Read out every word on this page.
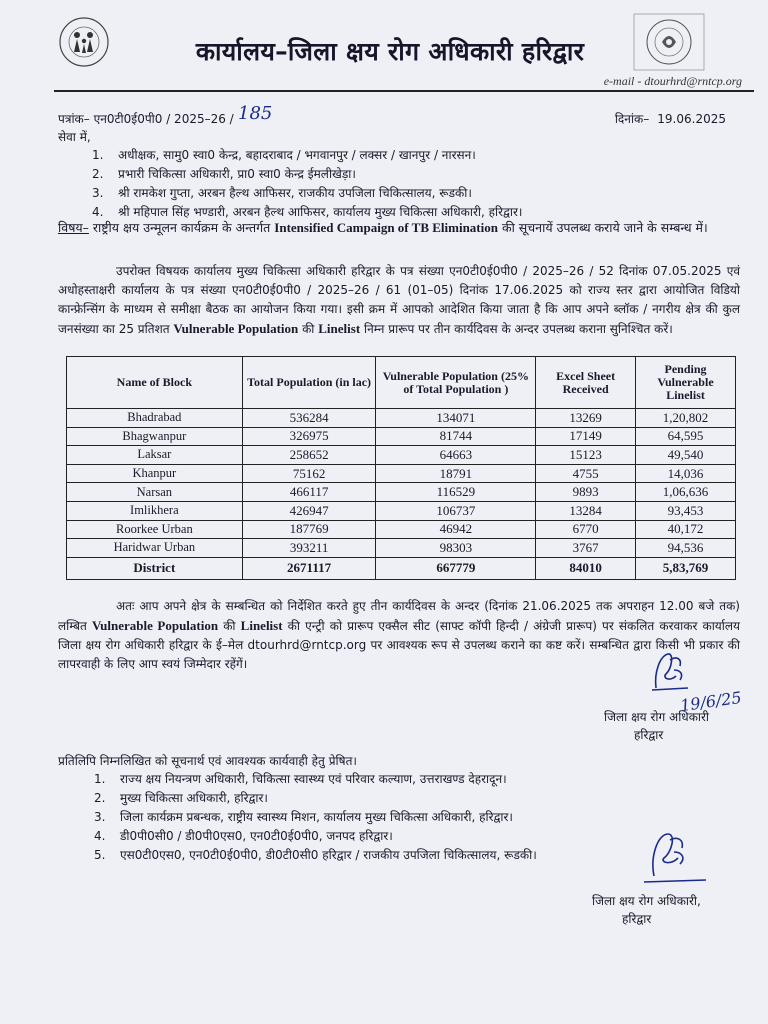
कार्यालय–जिला क्षय रोग अधिकारी हरिद्वार
e-mail - dtourhrd@rntcp.org
पत्रांक– एन0टी0ई0पी0 / 2025–26 / 185	दिनांक– 19.06.2025
सेवा में,
1. अधीक्षक, सामु0 स्वा0 केन्द्र, बहादराबाद / भगवानपुर / लक्सर / खानपुर / नारसन।
2. प्रभारी चिकित्सा अधिकारी, प्रा0 स्वा0 केन्द्र ईमलीखेड़ा।
3. श्री रामकेश गुप्ता, अरबन हैल्थ आफिसर, राजकीय उपजिला चिकित्सालय, रूडकी।
4. श्री महिपाल सिंह भण्डारी, अरबन हैल्थ आफिसर, कार्यालय मुख्य चिकित्सा अधिकारी, हरिद्वार।
विषय– राष्ट्रीय क्षय उन्मूलन कार्यक्रम के अन्तर्गत Intensified Campaign of TB Elimination की सूचनायें उपलब्ध कराये जाने के सम्बन्ध में।
उपरोक्त विषयक कार्यालय मुख्य चिकित्सा अधिकारी हरिद्वार के पत्र संख्या एन0टी0ई0पी0 / 2025–26 / 52 दिनांक 07.05.2025 एवं अधोहस्ताक्षरी कार्यालय के पत्र संख्या एन0टी0ई0पी0 / 2025–26 / 61 (01–05) दिनांक 17.06.2025 को राज्य स्तर द्वारा आयोजित विडियो कान्फ्रेन्सिंग के माध्यम से समीक्षा बैठक का आयोजन किया गया। इसी क्रम में आपको आदेशित किया जाता है कि आप अपने ब्लॉक / नगरीय क्षेत्र की कुल जनसंख्या का 25 प्रतिशत Vulnerable Population की Linelist निम्न प्रारूप पर तीन कार्यदिवस के अन्दर उपलब्ध कराना सुनिश्चित करें।
Name of Block	Total Population (in lac)	Vulnerable Population (25% of Total Population )	Excel Sheet Received	Pending Vulnerable Linelist
Bhadrabad	536284	134071	13269	1,20,802
Bhagwanpur	326975	81744	17149	64,595
Laksar	258652	64663	15123	49,540
Khanpur	75162	18791	4755	14,036
Narsan	466117	116529	9893	1,06,636
Imlikhera	426947	106737	13284	93,453
Roorkee Urban	187769	46942	6770	40,172
Haridwar Urban	393211	98303	3767	94,536
District	2671117	667779	84010	5,83,769
अतः आप अपने क्षेत्र के सम्बन्धित को निर्देशित करते हुए तीन कार्यदिवस के अन्दर (दिनांक 21.06.2025 तक अपराहन 12.00 बजे तक) लम्बित Vulnerable Population की Linelist की एन्ट्री को प्रारूप एक्सैल सीट (साफ्ट कॉपी हिन्दी / अंग्रेजी प्रारूप) पर संकलित करवाकर कार्यालय जिला क्षय रोग अधिकारी हरिद्वार के ई–मेल dtourhrd@rntcp.org पर आवश्यक रूप से उपलब्ध कराने का कष्ट करें। सम्बन्धित द्वारा किसी भी प्रकार की लापरवाही के लिए आप स्वयं जिम्मेदार रहेंगें।
19/6/25
जिला क्षय रोग अधिकारी
हरिद्वार
प्रतिलिपि निम्नलिखित को सूचनार्थ एवं आवश्यक कार्यवाही हेतु प्रेषित।
1. राज्य क्षय नियन्त्रण अधिकारी, चिकित्सा स्वास्थ्य एवं परिवार कल्याण, उत्तराखण्ड देहरादून।
2. मुख्य चिकित्सा अधिकारी, हरिद्वार।
3. जिला कार्यक्रम प्रबन्धक, राष्ट्रीय स्वास्थ्य मिशन, कार्यालय मुख्य चिकित्सा अधिकारी, हरिद्वार।
4. डी0पी0सी0 / डी0पी0एस0, एन0टी0ई0पी0, जनपद हरिद्वार।
5. एस0टी0एस0, एन0टी0ई0पी0, डी0टी0सी0 हरिद्वार / राजकीय उपजिला चिकित्सालय, रूडकी।
जिला क्षय रोग अधिकारी,
हरिद्वार
